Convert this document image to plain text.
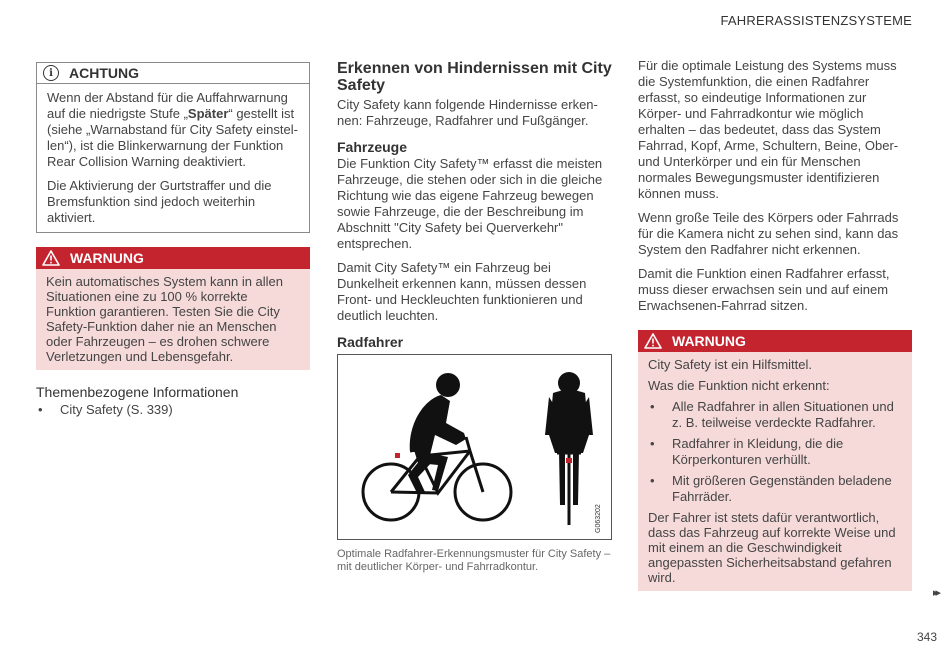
FAHRERASSISTENZSYSTEME
i	ACHTUNG

Wenn der Abstand für die Auffahrwarnung auf die niedrigste Stufe „Später“ gestellt ist (siehe „Warnabstand für City Safety einstellen“), ist die Blinkerwarnung der Funktion Rear Collision Warning deaktiviert.

Die Aktivierung der Gurtstraffer und die Bremsfunktion sind jedoch weiterhin aktiviert.

WARNUNG

Kein automatisches System kann in allen Situationen eine zu 100 % korrekte Funktion garantieren. Testen Sie die City Safety-Funktion daher nie an Menschen oder Fahrzeugen – es drohen schwere Verletzungen und Lebensgefahr.

Themenbezogene Informationen
• City Safety (S. 339)
Erkennen von Hindernissen mit City Safety

City Safety kann folgende Hindernisse erkennen: Fahrzeuge, Radfahrer und Fußgänger.

Fahrzeuge

Die Funktion City Safety™ erfasst die meisten Fahrzeuge, die stehen oder sich in die gleiche Richtung wie das eigene Fahrzeug bewegen sowie Fahrzeuge, die der Beschreibung im Abschnitt "City Safety bei Querverkehr" entsprechen.

Damit City Safety™ ein Fahrzeug bei Dunkelheit erkennen kann, müssen dessen Front- und Heckleuchten funktionieren und deutlich leuchten.

Radfahrer
G063202
Optimale Radfahrer-Erkennungsmuster für City Safety – mit deutlicher Körper- und Fahrradkontur.

Für die optimale Leistung des Systems muss die Systemfunktion, die einen Radfahrer erfasst, so eindeutige Informationen zur Körper- und Fahrradkontur wie möglich erhalten – das bedeutet, dass das System Fahrrad, Kopf, Arme, Schultern, Beine, Ober- und Unterkörper und ein für Menschen normales Bewegungsmuster identifizieren können muss.

Wenn große Teile des Körpers oder Fahrrads für die Kamera nicht zu sehen sind, kann das System den Radfahrer nicht erkennen.

Damit die Funktion einen Radfahrer erfasst, muss dieser erwachsen sein und auf einem Erwachsenen-Fahrrad sitzen.

WARNUNG

City Safety ist ein Hilfsmittel.

Was die Funktion nicht erkennt:

• Alle Radfahrer in allen Situationen und z. B. teilweise verdeckte Radfahrer.
• Radfahrer in Kleidung, die die Körperkonturen verhüllt.
• Mit größeren Gegenständen beladene Fahrräder.

Der Fahrer ist stets dafür verantwortlich, dass das Fahrzeug auf korrekte Weise und mit einem an die Geschwindigkeit angepassten Sicherheitsabstand gefahren wird.

▸▸
343
